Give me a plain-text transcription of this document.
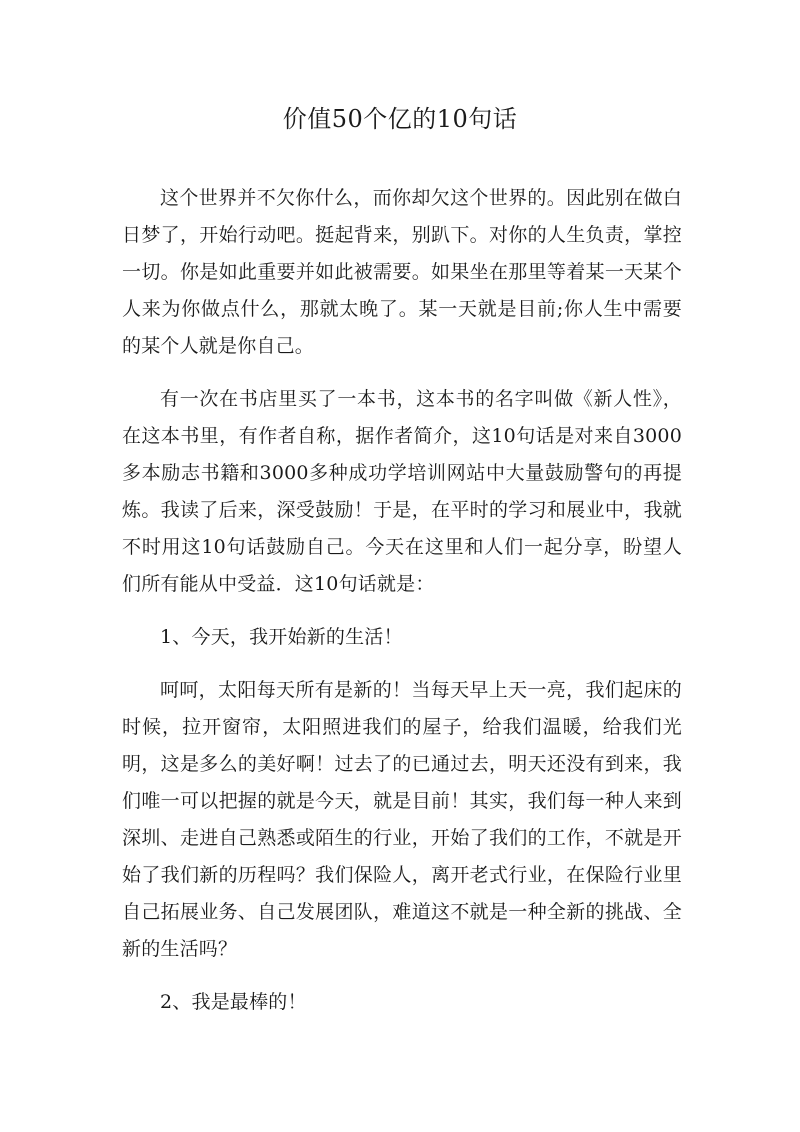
价值50个亿的10句话

这个世界并不欠你什么，而你却欠这个世界的。因此别在做白日梦了，开始行动吧。挺起背来，别趴下。对你的人生负责，掌控一切。你是如此重要并如此被需要。如果坐在那里等着某一天某个人来为你做点什么，那就太晚了。某一天就是目前;你人生中需要的某个人就是你自己。

有一次在书店里买了一本书，这本书的名字叫做《新人性》，在这本书里，有作者自称，据作者简介，这10句话是对来自3000多本励志书籍和3000多种成功学培训网站中大量鼓励警句的再提炼。我读了后来，深受鼓励！于是，在平时的学习和展业中，我就不时用这10句话鼓励自己。今天在这里和人们一起分享，盼望人们所有能从中受益．这10句话就是：

1、今天，我开始新的生活！

呵呵，太阳每天所有是新的！当每天早上天一亮，我们起床的时候，拉开窗帘，太阳照进我们的屋子，给我们温暖，给我们光明，这是多么的美好啊！过去了的已通过去，明天还没有到来，我们唯一可以把握的就是今天，就是目前！其实，我们每一种人来到深圳、走进自己熟悉或陌生的行业，开始了我们的工作，不就是开始了我们新的历程吗？我们保险人，离开老式行业，在保险行业里自己拓展业务、自己发展团队，难道这不就是一种全新的挑战、全新的生活吗？

2、我是最棒的！
